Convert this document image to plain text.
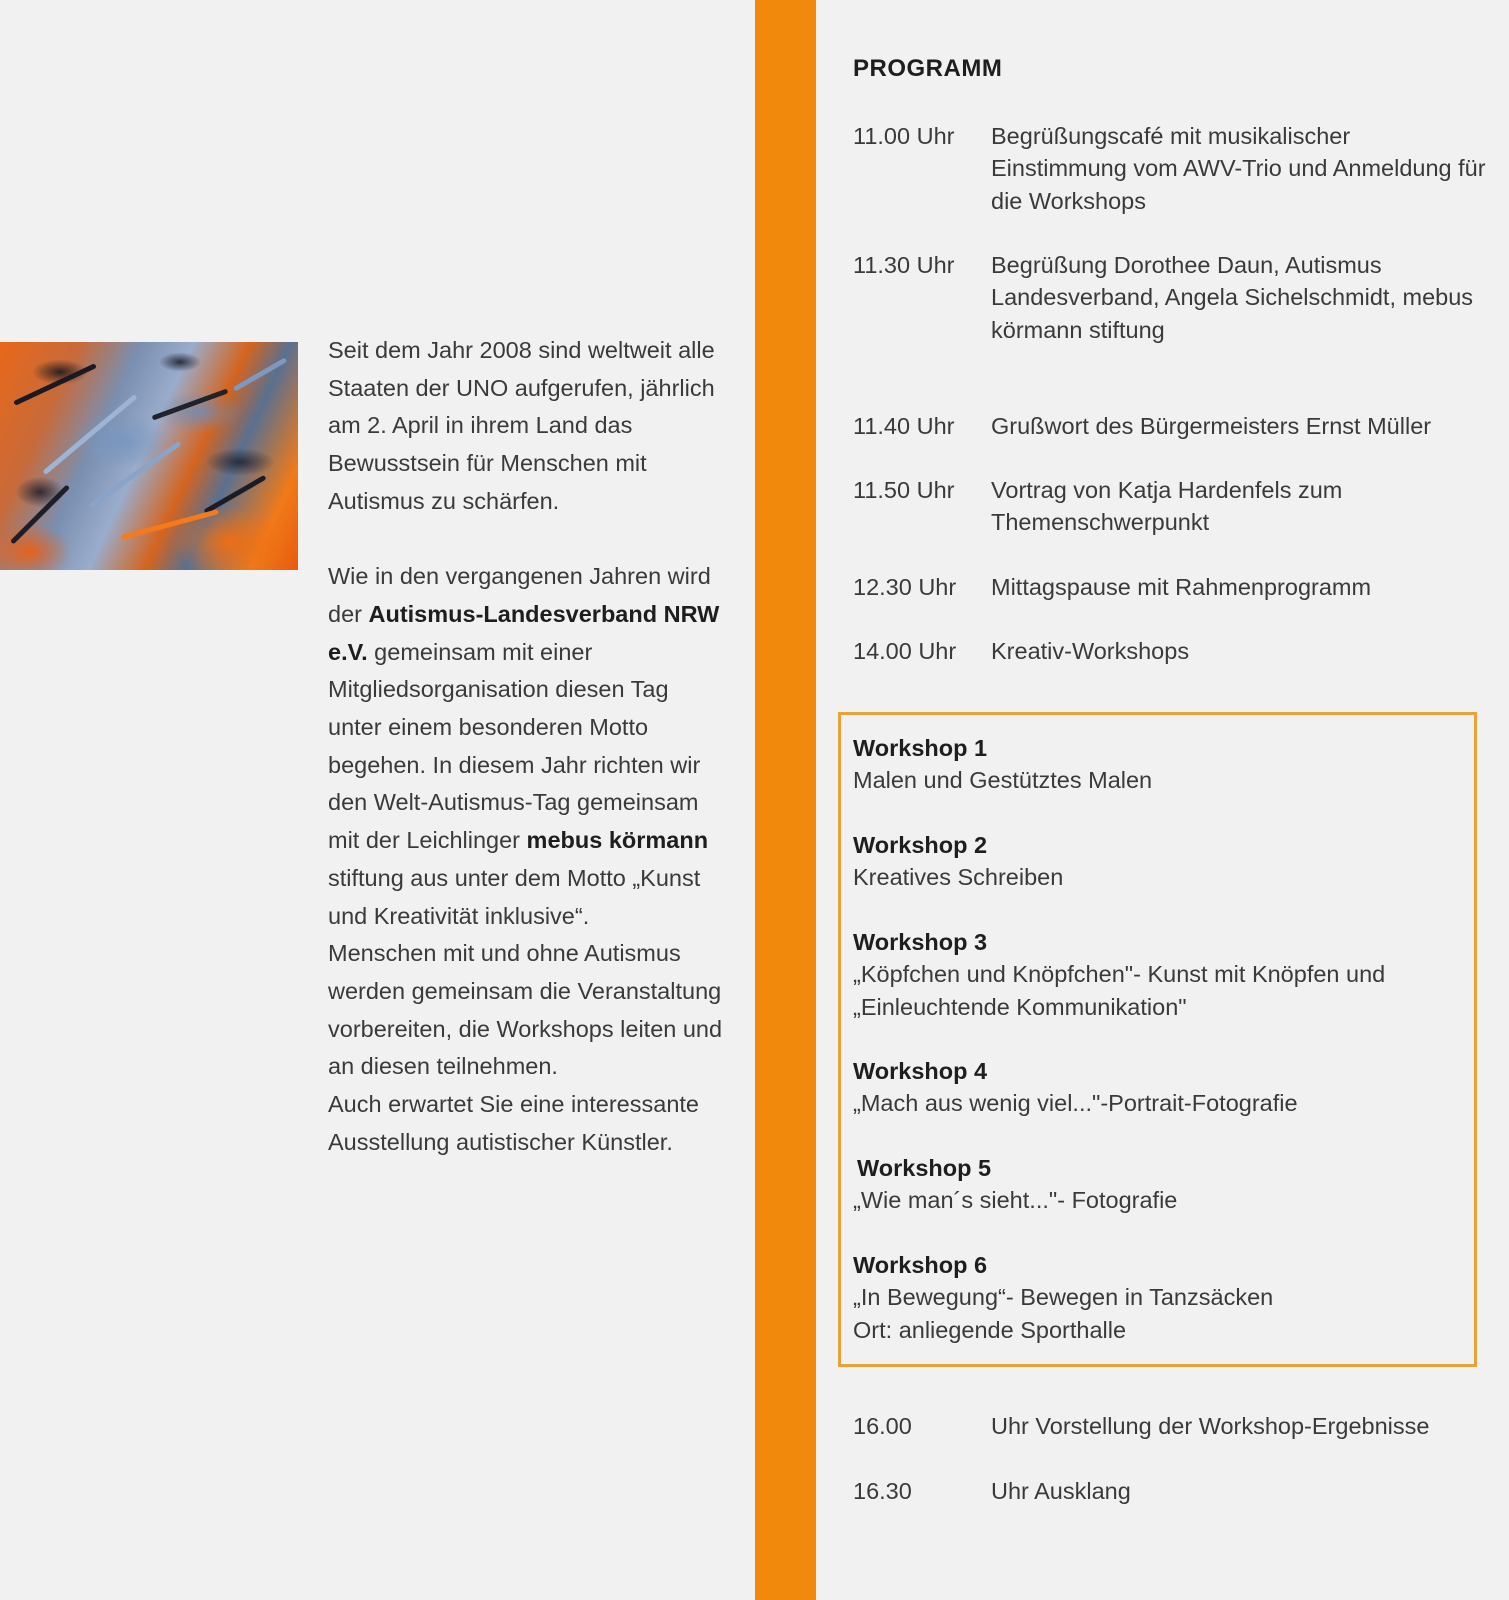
Seit dem Jahr 2008 sind weltweit alle Staaten der UNO aufgerufen, jährlich am 2. April in ihrem Land das Bewusstsein für Menschen mit Autismus zu schärfen.

Wie in den vergangenen Jahren wird der Autismus-Landesverband NRW e.V. gemeinsam mit einer Mitgliedsorganisation diesen Tag unter einem besonderen Motto begehen. In diesem Jahr richten wir den Welt-Autismus-Tag gemeinsam mit der Leichlinger mebus körmann stiftung aus unter dem Motto „Kunst und Kreativität inklusive“.

Menschen mit und ohne Autismus werden gemeinsam die Veranstaltung vorbereiten, die Workshops leiten und an diesen teilnehmen.

Auch erwartet Sie eine interessante Ausstellung autistischer Künstler.

PROGRAMM
11.00 Uhr Begrüßungscafé mit musikalischer Einstimmung vom AWV-Trio und Anmeldung für die Workshops
11.30 Uhr Begrüßung Dorothee Daun, Autismus Landesverband, Angela Sichelschmidt, mebus körmann stiftung
11.40 Uhr Grußwort des Bürgermeisters Ernst Müller
11.50 Uhr Vortrag von Katja Hardenfels zum Themenschwerpunkt
12.30 Uhr Mittagspause mit Rahmenprogramm
14.00 Uhr Kreativ-Workshops
Workshop 1
Malen und Gestütztes Malen
Workshop 2
Kreatives Schreiben
Workshop 3
„Köpfchen und Knöpfchen"- Kunst mit Knöpfen und
„Einleuchtende Kommunikation"
Workshop 4
„Mach aus wenig viel..."-Portrait-Fotografie
Workshop 5
„Wie man´s sieht..."- Fotografie
Workshop 6
„In Bewegung“- Bewegen in Tanzsäcken
Ort: anliegende Sporthalle
16.00	Uhr Vorstellung der Workshop-Ergebnisse
16.30	Uhr Ausklang
